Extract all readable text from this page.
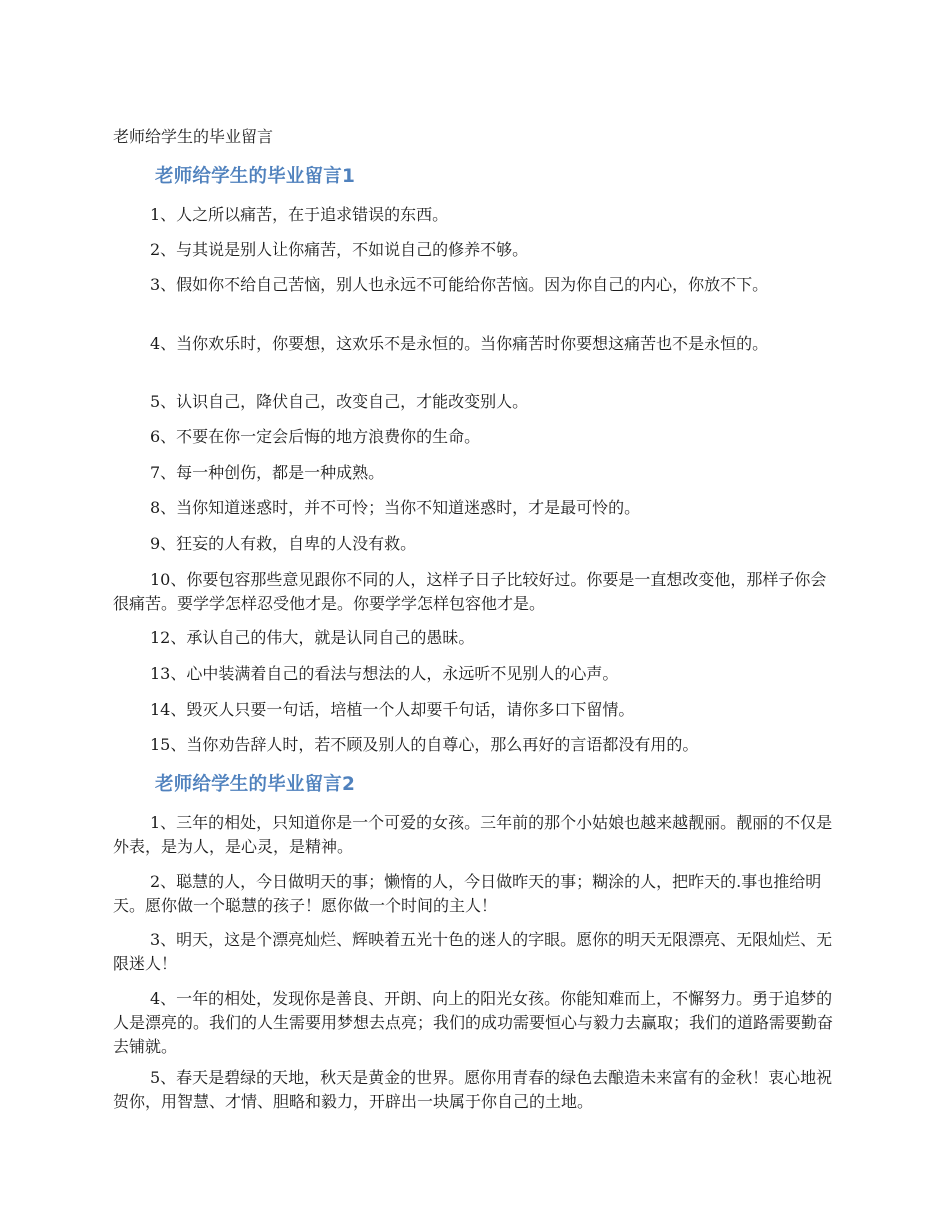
老师给学生的毕业留言
老师给学生的毕业留言1
1、人之所以痛苦，在于追求错误的东西。
2、与其说是别人让你痛苦，不如说自己的修养不够。
3、假如你不给自己苦恼，别人也永远不可能给你苦恼。因为你自己的内心，你放不下。
4、当你欢乐时，你要想，这欢乐不是永恒的。当你痛苦时你要想这痛苦也不是永恒的。
5、认识自己，降伏自己，改变自己，才能改变别人。
6、不要在你一定会后悔的地方浪费你的生命。
7、每一种创伤，都是一种成熟。
8、当你知道迷惑时，并不可怜；当你不知道迷惑时，才是最可怜的。
9、狂妄的人有救，自卑的人没有救。
10、你要包容那些意见跟你不同的人，这样子日子比较好过。你要是一直想改变他，那样子你会很痛苦。要学学怎样忍受他才是。你要学学怎样包容他才是。
12、承认自己的伟大，就是认同自己的愚昧。
13、心中装满着自己的看法与想法的人，永远听不见别人的心声。
14、毁灭人只要一句话，培植一个人却要千句话，请你多口下留情。
15、当你劝告辞人时，若不顾及别人的自尊心，那么再好的言语都没有用的。
老师给学生的毕业留言2
1、三年的相处，只知道你是一个可爱的女孩。三年前的那个小姑娘也越来越靓丽。靓丽的不仅是外表，是为人，是心灵，是精神。
2、聪慧的人，今日做明天的事；懒惰的人，今日做昨天的事；糊涂的人，把昨天的.事也推给明天。愿你做一个聪慧的孩子！愿你做一个时间的主人！
3、明天，这是个漂亮灿烂、辉映着五光十色的迷人的字眼。愿你的明天无限漂亮、无限灿烂、无限迷人！
4、一年的相处，发现你是善良、开朗、向上的阳光女孩。你能知难而上，不懈努力。勇于追梦的人是漂亮的。我们的人生需要用梦想去点亮；我们的成功需要恒心与毅力去赢取；我们的道路需要勤奋去铺就。
5、春天是碧绿的天地，秋天是黄金的世界。愿你用青春的绿色去酿造未来富有的金秋！衷心地祝贺你，用智慧、才情、胆略和毅力，开辟出一块属于你自己的土地。
